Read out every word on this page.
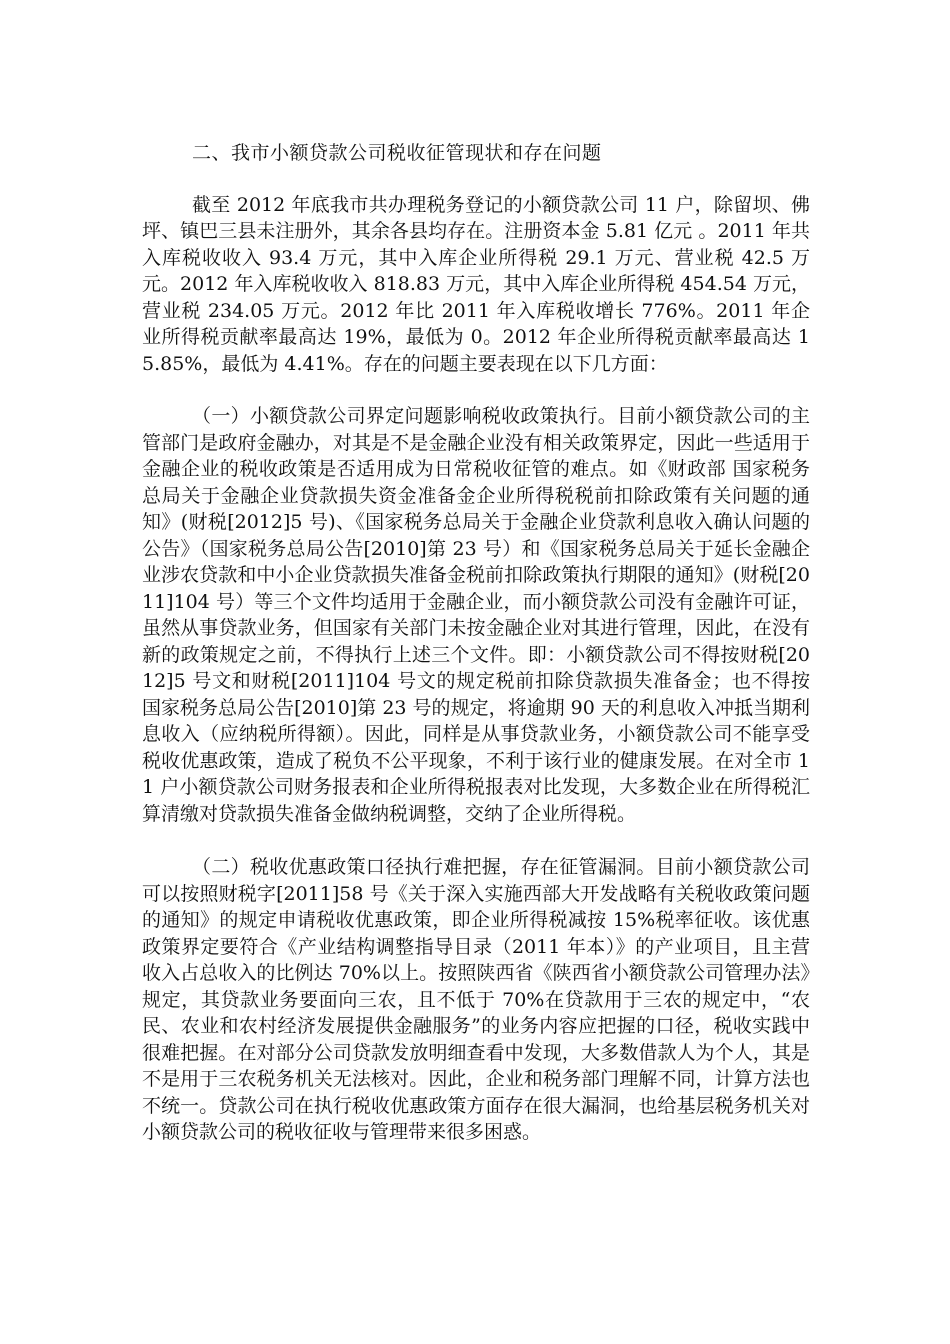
二、我市小额贷款公司税收征管现状和存在问题

截至 2012 年底我市共办理税务登记的小额贷款公司 11 户，除留坝、佛坪、镇巴三县未注册外，其余各县均存在。注册资本金 5.81 亿元 。2011 年共入库税收收入 93.4 万元，其中入库企业所得税 29.1 万元、营业税 42.5 万元。2012 年入库税收收入 818.83 万元，其中入库企业所得税 454.54 万元，营业税 234.05 万元。2012 年比 2011 年入库税收增长 776%。2011 年企业所得税贡献率最高达 19%，最低为 0。2012 年企业所得税贡献率最高达 15.85%，最低为 4.41%。存在的问题主要表现在以下几方面：

（一）小额贷款公司界定问题影响税收政策执行。目前小额贷款公司的主管部门是政府金融办，对其是不是金融企业没有相关政策界定，因此一些适用于金融企业的税收政策是否适用成为日常税收征管的难点。如《财政部 国家税务总局关于金融企业贷款损失资金准备金企业所得税税前扣除政策有关问题的通知》(财税[2012]5 号)、《国家税务总局关于金融企业贷款利息收入确认问题的公告》（国家税务总局公告[2010]第 23 号）和《国家税务总局关于延长金融企业涉农贷款和中小企业贷款损失准备金税前扣除政策执行期限的通知》(财税[2011]104 号）等三个文件均适用于金融企业，而小额贷款公司没有金融许可证，虽然从事贷款业务，但国家有关部门未按金融企业对其进行管理，因此，在没有新的政策规定之前，不得执行上述三个文件。即：小额贷款公司不得按财税[2012]5 号文和财税[2011]104 号文的规定税前扣除贷款损失准备金；也不得按国家税务总局公告[2010]第 23 号的规定，将逾期 90 天的利息收入冲抵当期利息收入（应纳税所得额）。因此，同样是从事贷款业务，小额贷款公司不能享受税收优惠政策，造成了税负不公平现象，不利于该行业的健康发展。在对全市 11 户小额贷款公司财务报表和企业所得税报表对比发现，大多数企业在所得税汇算清缴对贷款损失准备金做纳税调整，交纳了企业所得税。

（二）税收优惠政策口径执行难把握，存在征管漏洞。目前小额贷款公司可以按照财税字[2011]58 号《关于深入实施西部大开发战略有关税收政策问题的通知》的规定申请税收优惠政策，即企业所得税减按 15%税率征收。该优惠政策界定要符合《产业结构调整指导目录（2011 年本）》的产业项目，且主营收入占总收入的比例达 70%以上。按照陕西省《陕西省小额贷款公司管理办法》规定，其贷款业务要面向三农，且不低于 70%在贷款用于三农的规定中，“农民、农业和农村经济发展提供金融服务”的业务内容应把握的口径，税收实践中很难把握。在对部分公司贷款发放明细查看中发现，大多数借款人为个人，其是不是用于三农税务机关无法核对。因此，企业和税务部门理解不同，计算方法也不统一。贷款公司在执行税收优惠政策方面存在很大漏洞，也给基层税务机关对小额贷款公司的税收征收与管理带来很多困惑。
